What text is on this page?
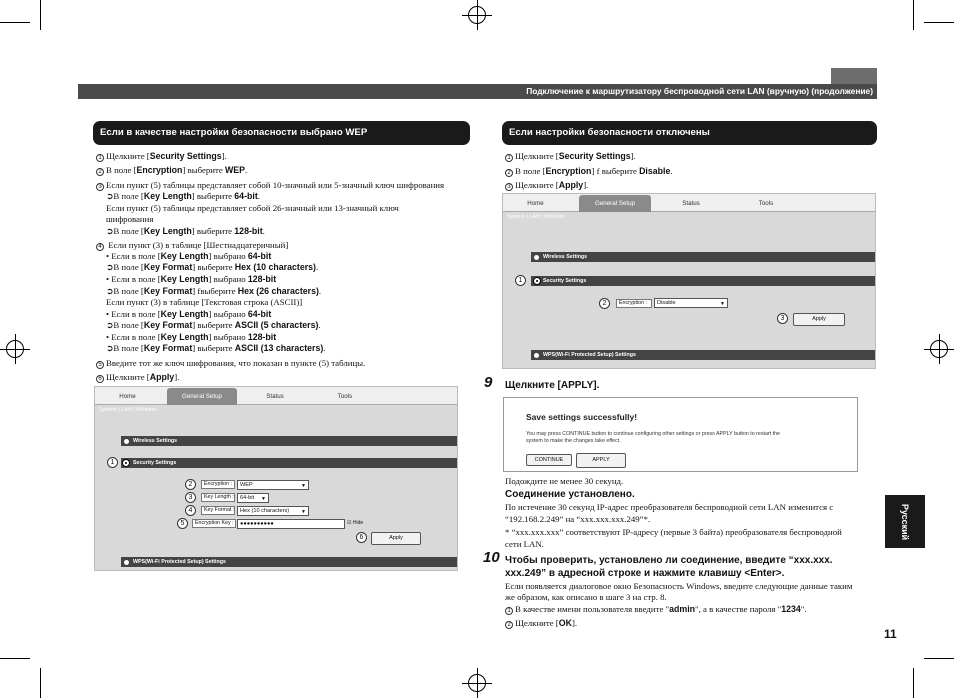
Подключение к маршрутизатору беспроводной сети LAN (вручную) (продолжение)
Если в качестве настройки безопасности выбрано WEP
1 Щелкните [Security Settings].
2 В поле [Encryption] выберите WEP.
3 Если пункт (5) таблицы представляет собой 10-значный или 5-значный ключ шифрования
➲В поле [Key Length] выберите 64-bit.
Если пункт (5) таблицы представляет собой 26-значный или 13-значный ключ
шифрования
➲В поле [Key Length] выберите 128-bit.
4 Если пункт (3) в таблице [Шестнадцатеричный]
• Если в поле [Key Length] выбрано 64-bit
➲В поле [Key Format] выберите Hex (10 characters).
• Если в поле [Key Length] выбрано 128-bit
➲В поле [Key Format] fвыберите Hex (26 characters).
Если пункт (3) в таблице [Текстовая строка (ASCII)]
• Если в поле [Key Length] выбрано 64-bit
➲В поле [Key Format] выберите ASCII (5 characters).
• Если в поле [Key Length] выбрано 128-bit
➲В поле [Key Format] выберите ASCII (13 characters).
5 Введите тот же ключ шифрования, что показан в пункте (5) таблицы.
6 Щелкните [Apply].
Home	General Setup	Status	Tools
System | LAN | Wireless
Wireless Settings
Security Settings
1
2	Encryption :	WEP	▼
3	Key Length :	64-bit ▼
4	Key Format :	Hex (10 characters) ▼
5	Encryption Key :	●●●●●●●●●●	☑ Hide
6	Apply
WPS(Wi-Fi Protected Setup) Settings
Если настройки безопасности отключены
1 Щелкните [Security Settings].
2 В поле [Encryption] f выберите Disable.
3 Щелкните [Apply].
Home	General Setup	Status	Tools
System | LAN | Wireless
Wireless Settings
Security Settings
1
2	Encryption :	Disable	▼
3	Apply
WPS(Wi-Fi Protected Setup) Settings
9 Щелкните [APPLY].
Save settings successfully!
You may press CONTINUE button to continue configuring other settings or press APPLY button to restart the
system to make the changes take effect.
CONTINUE	APPLY
Подождите не менее 30 секунд.
Соединение установлено.
По истечение 30 секунд IP-адрес преобразователя беспроводной сети LAN изменится с
“192.168.2.249” на “xxx.xxx.xxx.249”*.
* “xxx.xxx.xxx” соответствуют IP-адресу (первые 3 байта) преобразователя беспроводной
сети LAN.
10 Чтобы проверить, установлено ли соединение, введите “xxx.xxx.
xxx.249” в адресной строке и нажмите клавишу <Enter>.
Если появляется диалоговое окно Безопасность Windows, введите следующие данные таким
же образом, как описано в шаге 3 на стр. 8.
1 В качестве имени пользователя введите "admin", а в качестве пароля "1234".
2 Щелкните [OK].
Русский
11
